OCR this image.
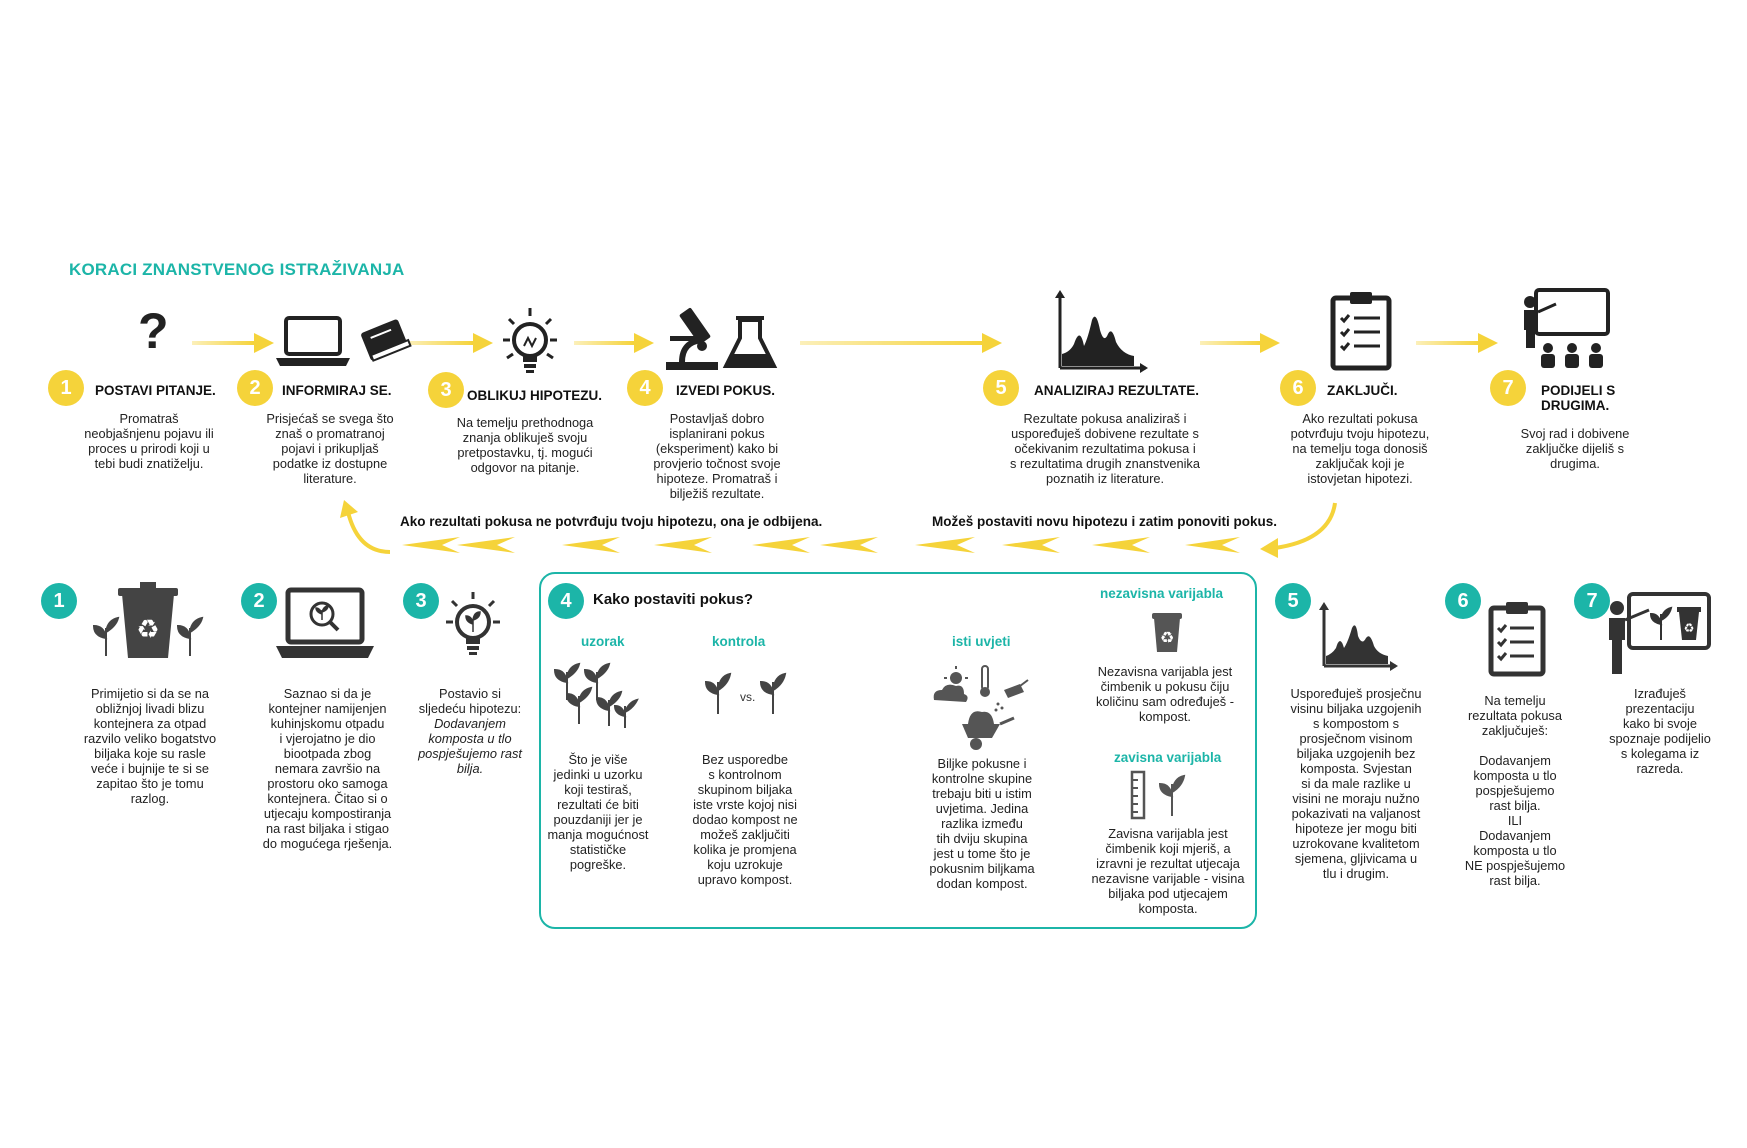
KORACI ZNANSTVENOG ISTRAŽIVANJA
?
1	POSTAVI PITANJE.	2	INFORMIRAJ SE.	3	OBLIKUJ HIPOTEZU.	4	IZVEDI POKUS.	5	ANALIZIRAJ REZULTATE.	6	ZAKLJUČI.	7	PODIJELI S
DRUGIMA.
Promatraš
neobjašnjenu pojavu ili
proces u prirodi koji u
tebi budi znatiželju.
Prisjećaš se svega što
znaš o promatranoj
pojavi i prikupljaš
podatke iz dostupne
literature.
Na temelju prethodnoga
znanja oblikuješ svoju
pretpostavku, tj. mogući
odgovor na pitanje.
Postavljaš dobro
isplanirani pokus
(eksperiment) kako bi
provjerio točnost svoje
hipoteze. Promatraš i
bilježiš rezultate.
Rezultate pokusa analiziraš i
uspoređuješ dobivene rezultate s
očekivanim rezultatima pokusa i
s rezultatima drugih znanstvenika
poznatih iz literature.
Ako rezultati pokusa
potvrđuju tvoju hipotezu,
na temelju toga donosiš
zaključak koji je
istovjetan hipotezi.
Svoj rad i dobivene
zaključke dijeliš s
drugima.
Ako rezultati pokusa ne potvrđuju tvoju hipotezu, ona je odbijena.	Možeš postaviti novu hipotezu i zatim ponoviti pokus.
1
♻
Primijetio si da se na
obližnjoj livadi blizu
kontejnera za otpad
razvilo veliko bogatstvo
biljaka koje su rasle
veće i bujnije te si se
zapitao što je tomu
razlog.
2
Saznao si da je
kontejner namijenjen
kuhinjskomu otpadu
i vjerojatno je dio
biootpada zbog
nemara završio na
prostoru oko samoga
kontejnera. Čitao si o
utjecaju kompostiranja
na rast biljaka i stigao
do mogućega rješenja.
3
Postavio si
sljedeću hipotezu:
Dodavanjem
komposta u tlo
pospješujemo rast
bilja.
4	Kako postaviti pokus?
uzorak
Što je više
jedinki u uzorku
koji testiraš,
rezultati će biti
pouzdaniji jer je
manja mogućnost
statističke
pogreške.
kontrola
vs.
Bez usporedbe
s kontrolnom
skupinom biljaka
iste vrste kojoj nisi
dodao kompost ne
možeš zaključiti
kolika je promjena
koju uzrokuje
upravo kompost.
isti uvjeti
Biljke pokusne i
kontrolne skupine
trebaju biti u istim
uvjetima. Jedina
razlika između
tih dviju skupina
jest u tome što je
pokusnim biljkama
dodan kompost.
nezavisna varijabla
♻
Nezavisna varijabla jest
čimbenik u pokusu čiju
količinu sam određuješ -
kompost.
zavisna varijabla
Zavisna varijabla jest
čimbenik koji mjeriš, a
izravni je rezultat utjecaja
nezavisne varijable - visina
biljaka pod utjecajem
komposta.
5
Uspoređuješ prosječnu
visinu biljaka uzgojenih
s kompostom s
prosječnom visinom
biljaka uzgojenih bez
komposta. Svjestan
si da male razlike u
visini ne moraju nužno
pokazivati na valjanost
hipoteze jer mogu biti
uzrokovane kvalitetom
sjemena, gljivicama u
tlu i drugim.
6
Na temelju
rezultata pokusa
zaključuješ:
Dodavanjem
komposta u tlo
pospješujemo
rast bilja.
ILI
Dodavanjem
komposta u tlo
NE pospješujemo
rast bilja.
7
♻
Izrađuješ
prezentaciju
kako bi svoje
spoznaje podijelio
s kolegama iz
razreda.
